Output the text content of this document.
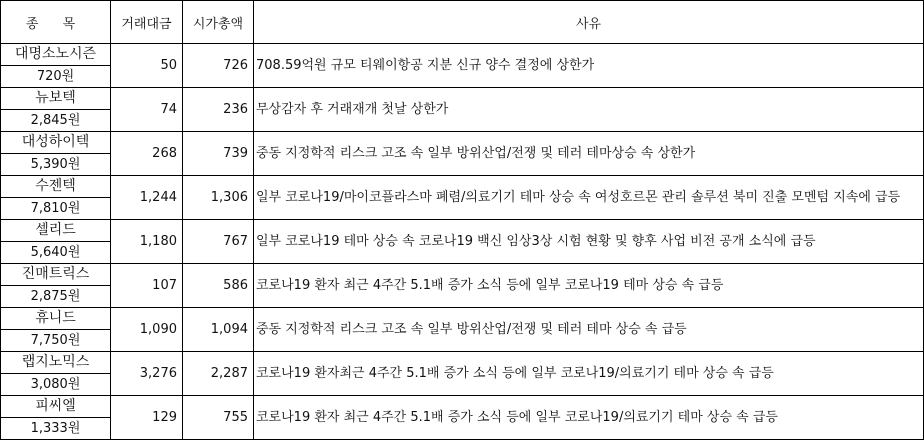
종 목	거래대금	시가총액	사유

대명소노시즌
720원	50	726	708.59억원 규모 티웨이항공 지분 신규 양수 결정에 상한가

뉴보텍
2,845원	74	236	무상감자 후 거래재개 첫날 상한가

대성하이텍
5,390원	268	739	중동 지정학적 리스크 고조 속 일부 방위산업/전쟁 및 테러 테마상승 속 상한가

수젠텍
7,810원	1,244	1,306	일부 코로나19/마이코플라스마 폐렴/의료기기 테마 상승 속 여성호르몬 관리 솔루션 북미 진출 모멘텀 지속에 급등

셀리드
5,640원	1,180	767	일부 코로나19 테마 상승 속 코로나19 백신 임상3상 시험 현황 및 향후 사업 비전 공개 소식에 급등

진매트릭스
2,875원	107	586	코로나19 환자 최근 4주간 5.1배 증가 소식 등에 일부 코로나19 테마 상승 속 급등

휴니드
7,750원	1,090	1,094	중동 지정학적 리스크 고조 속 일부 방위산업/전쟁 및 테러 테마 상승 속 급등

랩지노믹스
3,080원	3,276	2,287	코로나19 환자최근 4주간 5.1배 증가 소식 등에 일부 코로나19/의료기기 테마 상승 속 급등

피씨엘
1,333원	129	755	코로나19 환자 최근 4주간 5.1배 증가 소식 등에 일부 코로나19/의료기기 테마 상승 속 급등
